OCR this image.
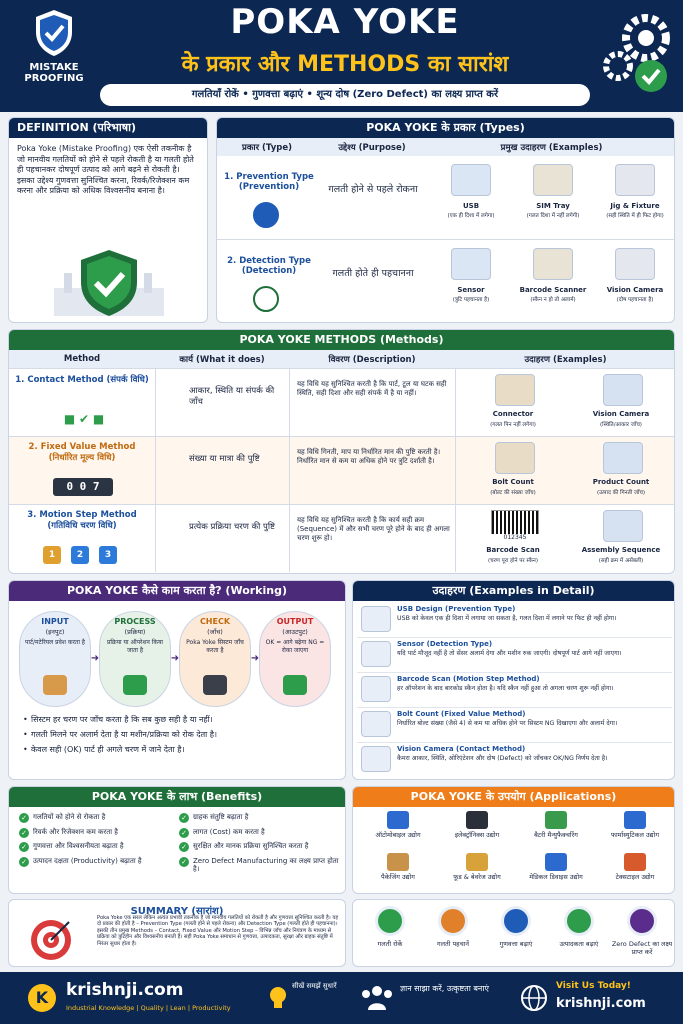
MISTAKE PROOFING
POKA YOKE
के प्रकार और METHODS का सारांश
गलतियाँ रोकें • गुणवत्ता बढ़ाएं • शून्य दोष (Zero Defect) का लक्ष्य प्राप्त करें
DEFINITION (परिभाषा)
Poka Yoke (Mistake Proofing) एक ऐसी तकनीक है जो मानवीय गलतियों को होने से पहले रोकती है या गलती होते ही पहचानकर दोषपूर्ण उत्पाद को आगे बढ़ने से रोकती है। इसका उद्देश्य गुणवत्ता सुनिश्चित करना, रिवर्क/रिजेक्शन कम करना और प्रक्रिया को अधिक विश्वसनीय बनाना है।
POKA YOKE के प्रकार (Types)
प्रकार (Type)	उद्देश्य (Purpose)	प्रमुख उदाहरण (Examples)
1. Prevention Type (Prevention)	गलती होने से पहले रोकना
USB
(एक ही दिशा में लगेगा)
SIM Tray
(गलत दिशा में नहीं लगेगी)
Jig & Fixture
(सही स्थिति में ही फिट होगा)
2. Detection Type (Detection)	गलती होते ही पहचानना
Sensor
(त्रुटि पहचानता है)
Barcode Scanner
(स्कैन न हो तो अलार्म)
Vision Camera
(दोष पहचानता है)
POKA YOKE METHODS (Methods)
Method	कार्य (What it does)	विवरण (Description)	उदाहरण (Examples)
1. Contact Method (संपर्क विधि)
■ ✔ ■
आकार, स्थिति या संपर्क की जाँच
यह विधि यह सुनिश्चित करती है कि पार्ट, टूल या घटक सही स्थिति, सही दिशा और सही संपर्क में है या नहीं।
Connector
(गलत पिन नहीं लगेगा)
Vision Camera
(स्थिति/आकार जाँच)
2. Fixed Value Method (निर्धारित मूल्य विधि)
0 0 7
संख्या या मात्रा की पुष्टि
यह विधि गिनती, माप या निर्धारित मान की पुष्टि करती है। निर्धारित मान से कम या अधिक होने पर त्रुटि दर्शाती है।
Bolt Count
(बोल्ट की संख्या जाँच)
Product Count
(उत्पाद की गिनती जाँच)
3. Motion Step Method (गतिविधि चरण विधि)
1	2	3
प्रत्येक प्रक्रिया चरण की पुष्टि
यह विधि यह सुनिश्चित करती है कि कार्य सही क्रम (Sequence) में और सभी चरण पूरे होने के बाद ही अगला चरण शुरू हो।	012345
Barcode Scan
(चरण पूरा होने पर स्कैन)
Assembly Sequence
(सही क्रम में असेंबली)
POKA YOKE कैसे काम करता है? (Working)
INPUT
(इनपुट)
पार्ट/मटेरियल प्रवेश करता है
➜
PROCESS
(प्रक्रिया)
प्रक्रिया या ऑपरेशन किया जाता है
➜
CHECK
(जाँच)
Poka Yoke सिस्टम जाँच करता है
➜
OUTPUT
(आउटपुट)
OK = आगे बढ़ेगा NG = रोका जाएगा
• सिस्टम हर चरण पर जाँच करता है कि सब कुछ सही है या नहीं।
• गलती मिलने पर अलार्म देता है या मशीन/प्रक्रिया को रोक देता है।
• केवल सही (OK) पार्ट ही अगले चरण में जाने देता है।
उदाहरण (Examples in Detail)
USB Design (Prevention Type)
USB को केवल एक ही दिशा में लगाया जा सकता है, गलत दिशा में लगाने पर फिट ही नहीं होगा।
Sensor (Detection Type)
यदि पार्ट मौजूद नहीं है तो सेंसर अलार्म देगा और मशीन रुक जाएगी। दोषपूर्ण पार्ट आगे नहीं जाएगा।
Barcode Scan (Motion Step Method)
हर ऑपरेशन के बाद बारकोड स्कैन होता है। यदि स्कैन नहीं हुआ तो अगला चरण शुरू नहीं होगा।
Bolt Count (Fixed Value Method)
निर्धारित बोल्ट संख्या (जैसे 4) से कम या अधिक होने पर सिस्टम NG दिखाएगा और अलार्म देगा।
Vision Camera (Contact Method)
कैमरा आकार, स्थिति, ओरिएंटेशन और दोष (Defect) को जाँचकर OK/NG निर्णय देता है।
POKA YOKE के लाभ (Benefits)
✓ गलतियों को होने से रोकता है
✓ रिवर्क और रिजेक्शन कम करता है
✓ गुणवत्ता और विश्वसनीयता बढ़ाता है
✓ उत्पादन दक्षता (Productivity) बढ़ाता है
✓ ग्राहक संतुष्टि बढ़ाता है
✓ लागत (Cost) कम करता है
✓ सुरक्षित और मानक प्रक्रिया सुनिश्चित करता है
✓ Zero Defect Manufacturing का लक्ष्य प्राप्त होता है।
POKA YOKE के उपयोग (Applications)
ऑटोमोबाइल उद्योग	इलेक्ट्रॉनिक्स उद्योग	बैटरी मैन्युफैक्चरिंग	फार्मास्युटिकल उद्योग
पैकेजिंग उद्योग	फूड & बेवरेज उद्योग	मेडिकल डिवाइस उद्योग	टेक्सटाइल उद्योग
SUMMARY (सारांश)
Poka Yoke एक सरल लेकिन अत्यंत प्रभावी तकनीक है जो मानवीय गलतियों को रोकती है और गुणवत्ता सुनिश्चित करती है। यह दो प्रकार की होती है – Prevention Type (गलती होने से पहले रोकना) और Detection Type (गलती होते ही पहचानना)। इसकी तीन प्रमुख Methods – Contact, Fixed Value और Motion Step – विभिन्न जाँच और नियंत्रण के माध्यम से प्रक्रिया को त्रुटिहीन और विश्वसनीय बनाती हैं। सही Poka Yoke समाधान से गुणवत्ता, उत्पादकता, सुरक्षा और ग्राहक संतुष्टि में निरंतर सुधार होता है।	गलती रोकें	गलती पहचानें	गुणवत्ता बढ़ाएं	उत्पादकता बढ़ाएं	Zero Defect का लक्ष्य प्राप्त करें
K	krishnji.com
Industrial Knowledge | Quality | Lean | Productivity
सीखें समझें सुधारें	ज्ञान साझा करें, उत्कृष्टता बनाएं	Visit Us Today!
krishnji.com
